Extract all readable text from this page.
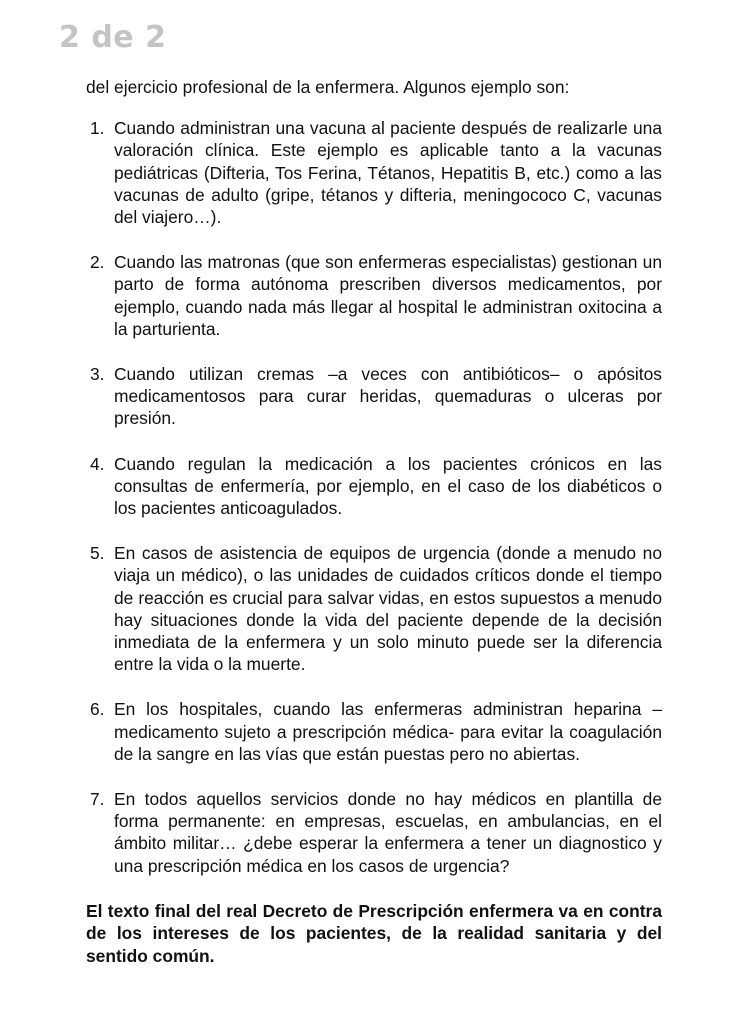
2 de 2

del ejercicio profesional de la enfermera. Algunos ejemplo son:

1. Cuando administran una vacuna al paciente después de realizarle una valoración clínica. Este ejemplo es aplicable tanto a la vacunas pediátricas (Difteria, Tos Ferina, Tétanos, Hepatitis B, etc.) como a las vacunas de adulto (gripe, tétanos y difteria, meningococo C, vacunas del viajero…).
2. Cuando las matronas (que son enfermeras especialistas) gestionan un parto de forma autónoma prescriben diversos medicamentos, por ejemplo, cuando nada más llegar al hospital le administran oxitocina a la parturienta.
3. Cuando utilizan cremas –a veces con antibióticos– o apósitos medicamentosos para curar heridas, quemaduras o ulceras por presión.
4. Cuando regulan la medicación a los pacientes crónicos en las consultas de enfermería, por ejemplo, en el caso de los diabéticos o los pacientes anticoagulados.
5. En casos de asistencia de equipos de urgencia (donde a menudo no viaja un médico), o las unidades de cuidados críticos donde el tiempo de reacción es crucial para salvar vidas, en estos supuestos a menudo hay situaciones donde la vida del paciente depende de la decisión inmediata de la enfermera y un solo minuto puede ser la diferencia entre la vida o la muerte.
6. En los hospitales, cuando las enfermeras administran heparina –medicamento sujeto a prescripción médica- para evitar la coagulación de la sangre en las vías que están puestas pero no abiertas.
7. En todos aquellos servicios donde no hay médicos en plantilla de forma permanente: en empresas, escuelas, en ambulancias, en el ámbito militar… ¿debe esperar la enfermera a tener un diagnostico y una prescripción médica en los casos de urgencia?

El texto final del real Decreto de Prescripción enfermera va en contra de los intereses de los pacientes, de la realidad sanitaria y del sentido común.
